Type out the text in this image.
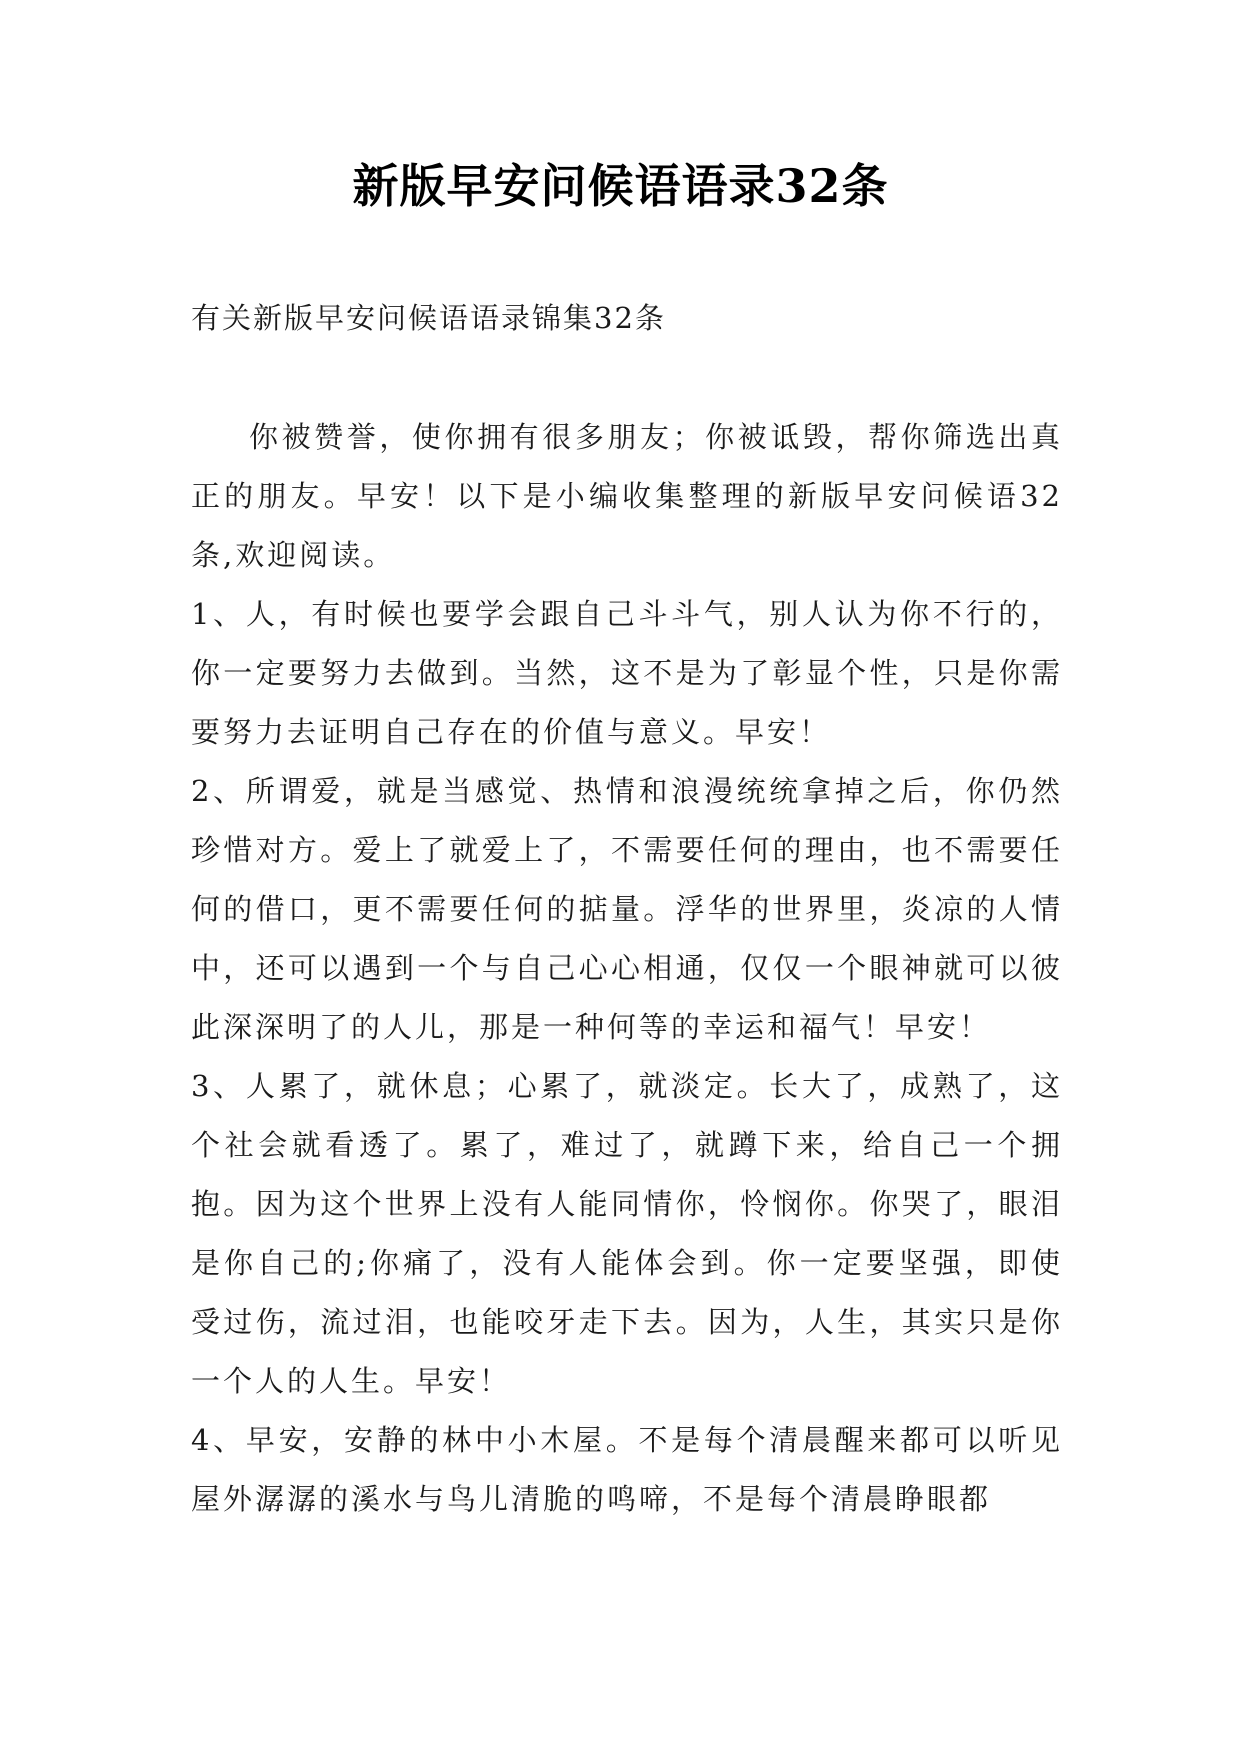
新版早安问候语语录32条

有关新版早安问候语语录锦集32条

你被赞誉，使你拥有很多朋友；你被诋毁，帮你筛选出真正的朋友。早安！以下是小编收集整理的新版早安问候语32条,欢迎阅读。

1、人，有时候也要学会跟自己斗斗气，别人认为你不行的，你一定要努力去做到。当然，这不是为了彰显个性，只是你需要努力去证明自己存在的价值与意义。早安！

2、所谓爱，就是当感觉、热情和浪漫统统拿掉之后，你仍然珍惜对方。爱上了就爱上了，不需要任何的理由，也不需要任何的借口，更不需要任何的掂量。浮华的世界里，炎凉的人情中，还可以遇到一个与自己心心相通，仅仅一个眼神就可以彼此深深明了的人儿，那是一种何等的幸运和福气！早安！

3、人累了，就休息；心累了，就淡定。长大了，成熟了，这个社会就看透了。累了，难过了，就蹲下来，给自己一个拥抱。因为这个世界上没有人能同情你，怜悯你。你哭了，眼泪是你自己的;你痛了，没有人能体会到。你一定要坚强，即使受过伤，流过泪，也能咬牙走下去。因为，人生，其实只是你一个人的人生。早安！

4、早安，安静的林中小木屋。不是每个清晨醒来都可以听见屋外潺潺的溪水与鸟儿清脆的鸣啼，不是每个清晨睁眼都
